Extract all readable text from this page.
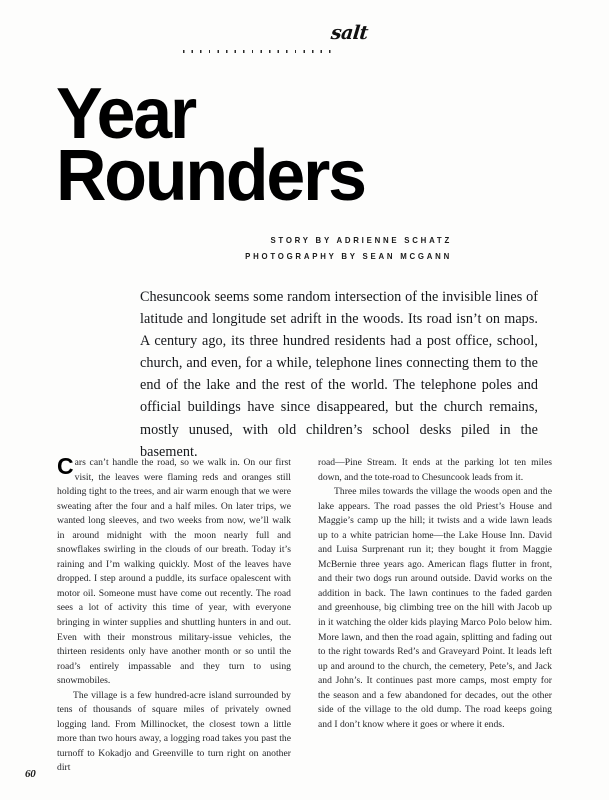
salt
Year
Rounders
STORY BY ADRIENNE SCHATZ
PHOTOGRAPHY BY SEAN MCGANN
Chesuncook seems some random intersection of the invisible lines of latitude and longitude set adrift in the woods. Its road isn’t on maps. A century ago, its three hundred residents had a post office, school, church, and even, for a while, telephone lines connecting them to the end of the lake and the rest of the world. The telephone poles and official buildings have since disappeared, but the church remains, mostly unused, with old children’s school desks piled in the basement.

Cars can’t handle the road, so we walk in. On our first visit, the leaves were flaming reds and oranges still holding tight to the trees, and air warm enough that we were sweating after the four and a half miles. On later trips, we wanted long sleeves, and two weeks from now, we’ll walk in around midnight with the moon nearly full and snowflakes swirling in the clouds of our breath. Today it’s raining and I’m walking quickly. Most of the leaves have dropped. I step around a puddle, its surface opalescent with motor oil. Someone must have come out recently. The road sees a lot of activity this time of year, with everyone bringing in winter supplies and shuttling hunters in and out. Even with their monstrous military-issue vehicles, the thirteen residents only have another month or so until the road’s entirely impassable and they turn to using snowmobiles.

The village is a few hundred-acre island surrounded by tens of thousands of square miles of privately owned logging land. From Millinocket, the closest town a little more than two hours away, a logging road takes you past the turnoff to Kokadjo and Greenville to turn right on another dirt

road—Pine Stream. It ends at the parking lot ten miles down, and the tote-road to Chesuncook leads from it.

Three miles towards the village the woods open and the lake appears. The road passes the old Priest’s House and Maggie’s camp up the hill; it twists and a wide lawn leads up to a white patrician home—the Lake House Inn. David and Luisa Surprenant run it; they bought it from Maggie McBernie three years ago. American flags flutter in front, and their two dogs run around outside. David works on the addition in back. The lawn continues to the faded garden and greenhouse, big climbing tree on the hill with Jacob up in it watching the older kids playing Marco Polo below him. More lawn, and then the road again, splitting and fading out to the right towards Red’s and Graveyard Point. It leads left up and around to the church, the cemetery, Pete’s, and Jack and John’s. It continues past more camps, most empty for the season and a few abandoned for decades, out the other side of the village to the old dump. The road keeps going and I don’t know where it goes or where it ends.

60
